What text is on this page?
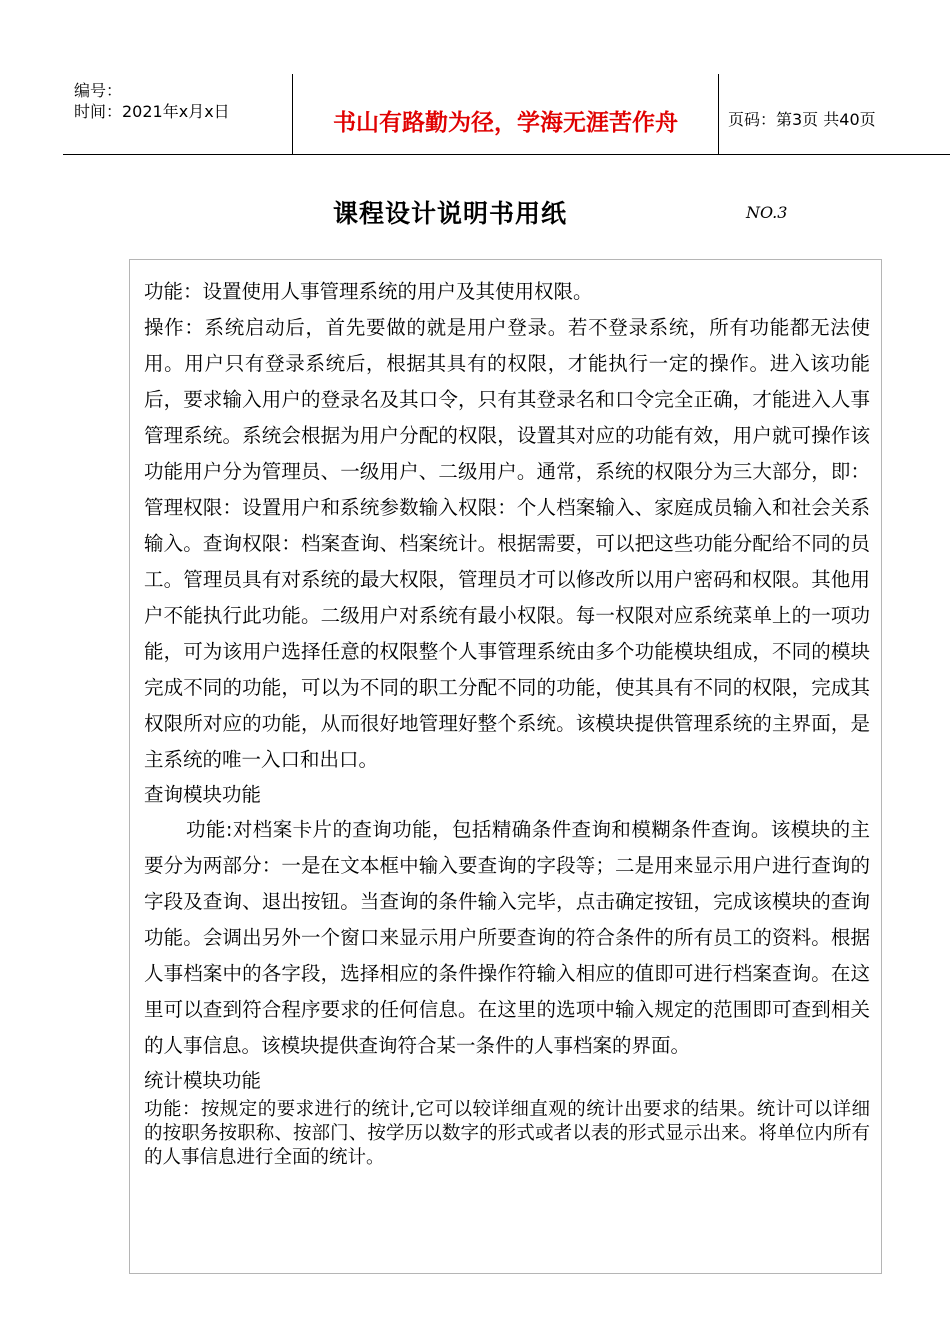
编号：
时间：2021年x月x日	书山有路勤为径，学海无涯苦作舟	页码：第3页 共40页
课程设计说明书用纸	NO.3

功能：设置使用人事管理系统的用户及其使用权限。

操作：系统启动后，首先要做的就是用户登录。若不登录系统，所有功能都无法使用。用户只有登录系统后，根据其具有的权限，才能执行一定的操作。进入该功能后，要求输入用户的登录名及其口令，只有其登录名和口令完全正确，才能进入人事管理系统。系统会根据为用户分配的权限，设置其对应的功能有效，用户就可操作该功能用户分为管理员、一级用户、二级用户。通常，系统的权限分为三大部分，即：管理权限：设置用户和系统参数输入权限：个人档案输入、家庭成员输入和社会关系输入。查询权限：档案查询、档案统计。根据需要，可以把这些功能分配给不同的员工。管理员具有对系统的最大权限，管理员才可以修改所以用户密码和权限。其他用户不能执行此功能。二级用户对系统有最小权限。每一权限对应系统菜单上的一项功能，可为该用户选择任意的权限整个人事管理系统由多个功能模块组成，不同的模块完成不同的功能，可以为不同的职工分配不同的功能，使其具有不同的权限，完成其权限所对应的功能，从而很好地管理好整个系统。该模块提供管理系统的主界面，是主系统的唯一入口和出口。

查询模块功能

功能:对档案卡片的查询功能，包括精确条件查询和模糊条件查询。该模块的主要分为两部分：一是在文本框中输入要查询的字段等；二是用来显示用户进行查询的字段及查询、退出按钮。当查询的条件输入完毕，点击确定按钮，完成该模块的查询功能。会调出另外一个窗口来显示用户所要查询的符合条件的所有员工的资料。根据人事档案中的各字段，选择相应的条件操作符输入相应的值即可进行档案查询。在这里可以查到符合程序要求的任何信息。在这里的选项中输入规定的范围即可查到相关的人事信息。该模块提供查询符合某一条件的人事档案的界面。

统计模块功能

功能：按规定的要求进行的统计,它可以较详细直观的统计出要求的结果。统计可以详细的按职务按职称、按部门、按学历以数字的形式或者以表的形式显示出来。将单位内所有的人事信息进行全面的统计。
